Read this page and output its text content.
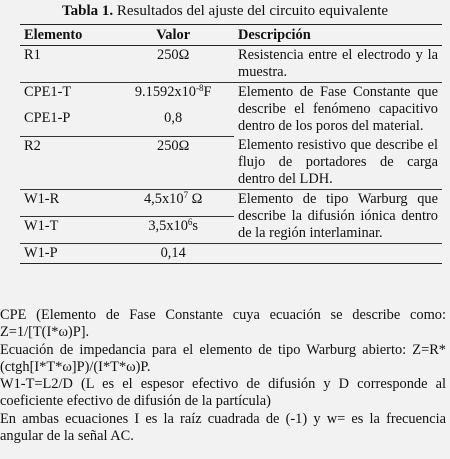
Tabla 1. Resultados del ajuste del circuito equivalente
Elemento	Valor	Descripción
R1	250Ω	Resistencia entre el electrodo y la muestra.
CPE1-T	$9.1592x10^{-8}F$	Elemento de Fase Constante que describe el fenómeno capacitivo dentro de los poros del material.
CPE1-P	0,8	
R2	250Ω	Elemento resistivo que describe el flujo de portadores de carga dentro del LDH.
W1-R	$4,5x10^7$ Ω	Elemento de tipo Warburg que describe la difusión iónica dentro de la región interlaminar.
W1-T	$3,5x10^6s$	
W1-P	0,14	

CPE (Elemento de Fase Constante cuya ecuación se describe como: Z=1/[T(I*ω)P].

Ecuación de impedancia para el elemento de tipo Warburg abierto: Z=R*(ctgh[I*T*ω]P)/(I*T*ω)P.

W1-T=L2/D (L es el espesor efectivo de difusión y D corresponde al coeficiente efectivo de difusión de la partícula)

En ambas ecuaciones I es la raíz cuadrada de (-1) y w= es la frecuencia angular de la señal AC.
